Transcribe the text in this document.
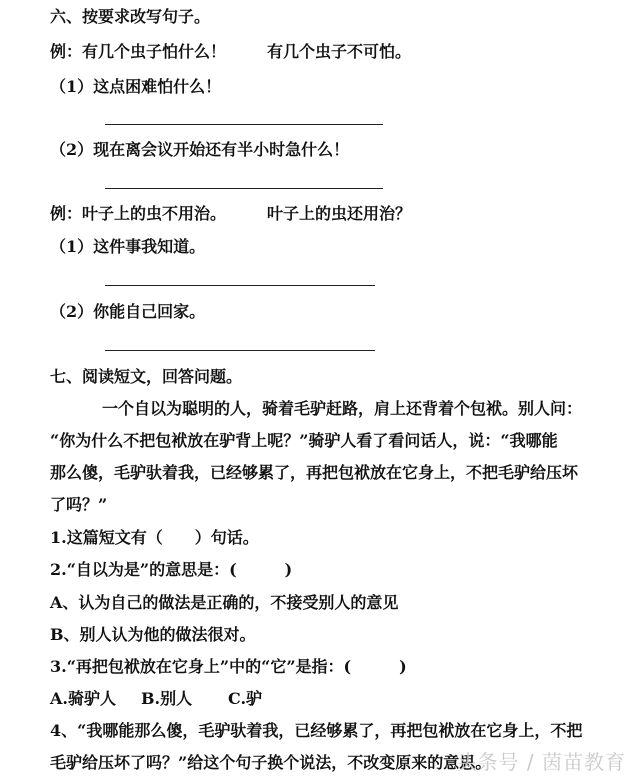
六、按要求改写句子。
例：有几个虫子怕什么！	有几个虫子不可怕。
（1）这点困难怕什么！
（2）现在离会议开始还有半小时急什么！
例：叶子上的虫不用治。	叶子上的虫还用治？
（1）这件事我知道。
（2）你能自己回家。
七、阅读短文，回答问题。
一个自以为聪明的人，骑着毛驴赶路，肩上还背着个包袱。别人问：
“你为什么不把包袱放在驴背上呢？”骑驴人看了看问话人，说：“我哪能
那么傻，毛驴驮着我，已经够累了，再把包袱放在它身上，不把毛驴给压坏
了吗？”
1.这篇短文有（　　）句话。
2.“自以为是”的意思是：(　　　)
A、认为自己的做法是正确的，不接受别人的意见
B、别人认为他的做法很对。
3.“再把包袱放在它身上”中的“它”是指：(　　　)
A.骑驴人 B.别人 C.驴
4、“我哪能那么傻，毛驴驮着我，已经够累了，再把包袱放在它身上，不把
毛驴给压坏了吗？”给这个句子换个说法，不改变原来的意思。
头条号 / 茵苗教育
